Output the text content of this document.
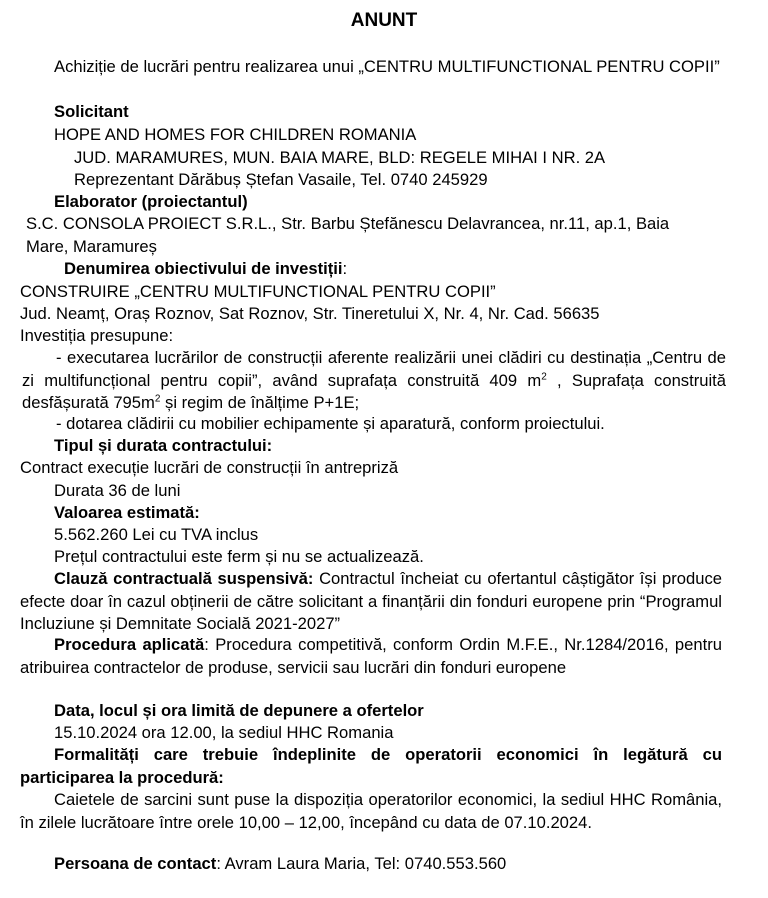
ANUNT
Achiziție de lucrări pentru realizarea unui „CENTRU MULTIFUNCTIONAL PENTRU COPII”
Solicitant
HOPE AND HOMES FOR CHILDREN ROMANIA
JUD. MARAMURES, MUN. BAIA MARE, BLD: REGELE MIHAI I NR. 2A
Reprezentant Dărăbuș Ștefan Vasaile, Tel. 0740 245929
Elaborator (proiectantul)
S.C. CONSOLA PROIECT S.R.L., Str. Barbu Ștefănescu Delavrancea, nr.11, ap.1, Baia Mare, Maramureș
Denumirea obiectivului de investiții:
CONSTRUIRE „CENTRU MULTIFUNCTIONAL PENTRU COPII”
Jud. Neamț, Oraș Roznov, Sat Roznov, Str. Tineretului X, Nr. 4, Nr. Cad. 56635
Investiția presupune:
- executarea lucrărilor de construcții aferente realizării unei clădiri cu destinația „Centru de zi multifuncțional pentru copii”, având suprafața construită 409 $m^2$ , Suprafața construită desfășurată $795m^2$ și regim de înălțime P+1E;
- dotarea clădirii cu mobilier echipamente și aparatură, conform proiectului.
Tipul și durata contractului:
Contract execuție lucrări de construcții în antrepriză
Durata 36 de luni
Valoarea estimată:
5.562.260 Lei cu TVA inclus
Prețul contractului este ferm și nu se actualizează.
Clauză contractuală suspensivă: Contractul încheiat cu ofertantul câștigător își produce efecte doar în cazul obținerii de către solicitant a finanțării din fonduri europene prin “Programul Incluziune și Demnitate Socială 2021-2027”
Procedura aplicată: Procedura competitivă, conform Ordin M.F.E., Nr.1284/2016, pentru atribuirea contractelor de produse, servicii sau lucrări din fonduri europene
Data, locul și ora limită de depunere a ofertelor
15.10.2024 ora 12.00, la sediul HHC Romania
Formalități care trebuie îndeplinite de operatorii economici în legătură cu participarea la procedură:
Caietele de sarcini sunt puse la dispoziția operatorilor economici, la sediul HHC România, în zilele lucrătoare între orele 10,00 – 12,00, începând cu data de 07.10.2024.
Persoana de contact: Avram Laura Maria, Tel: 0740.553.560
